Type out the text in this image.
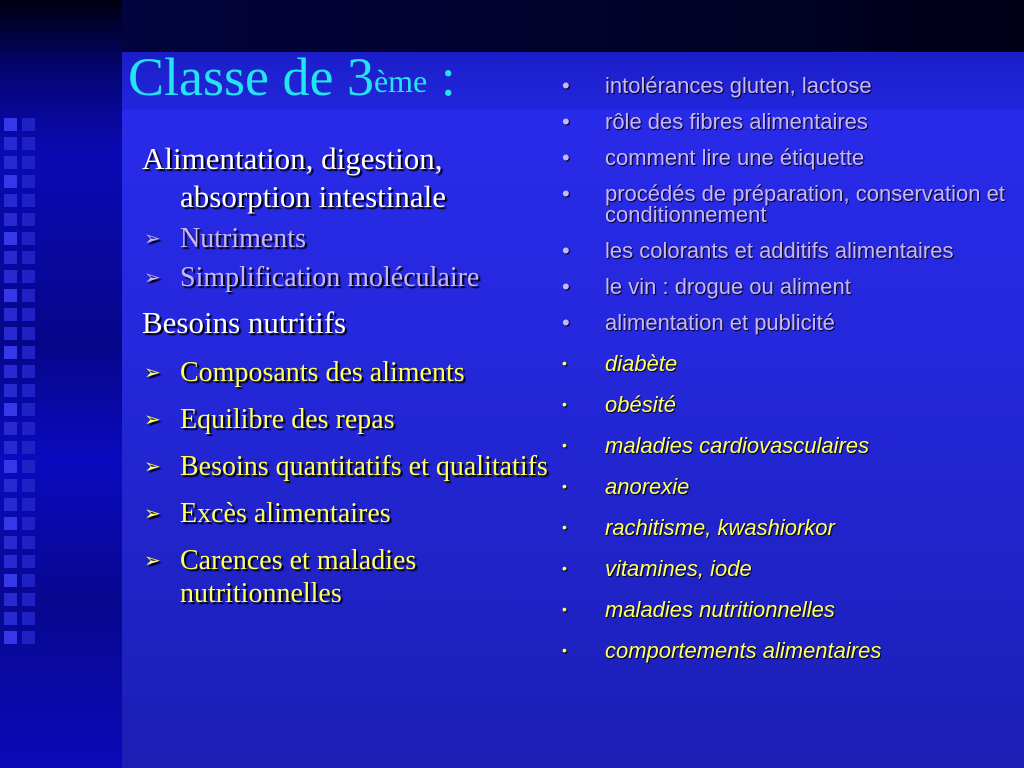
Classe de 3ème :

Alimentation, digestion, absorption intestinale

➢ Nutriments
➢ Simplification moléculaire

Besoins nutritifs

➢ Composants des aliments
➢ Equilibre des repas
➢ Besoins quantitatifs et qualitatifs
➢ Excès alimentaires
➢ Carences et maladies nutritionnelles
• intolérances gluten, lactose
• rôle des fibres alimentaires
• comment lire une étiquette
• procédés de préparation, conservation et conditionnement
• les colorants et additifs alimentaires
• le vin : drogue ou aliment
• alimentation et publicité
• diabète
• obésité
• maladies cardiovasculaires
• anorexie
• rachitisme, kwashiorkor
• vitamines, iode
• maladies nutritionnelles
• comportements alimentaires
